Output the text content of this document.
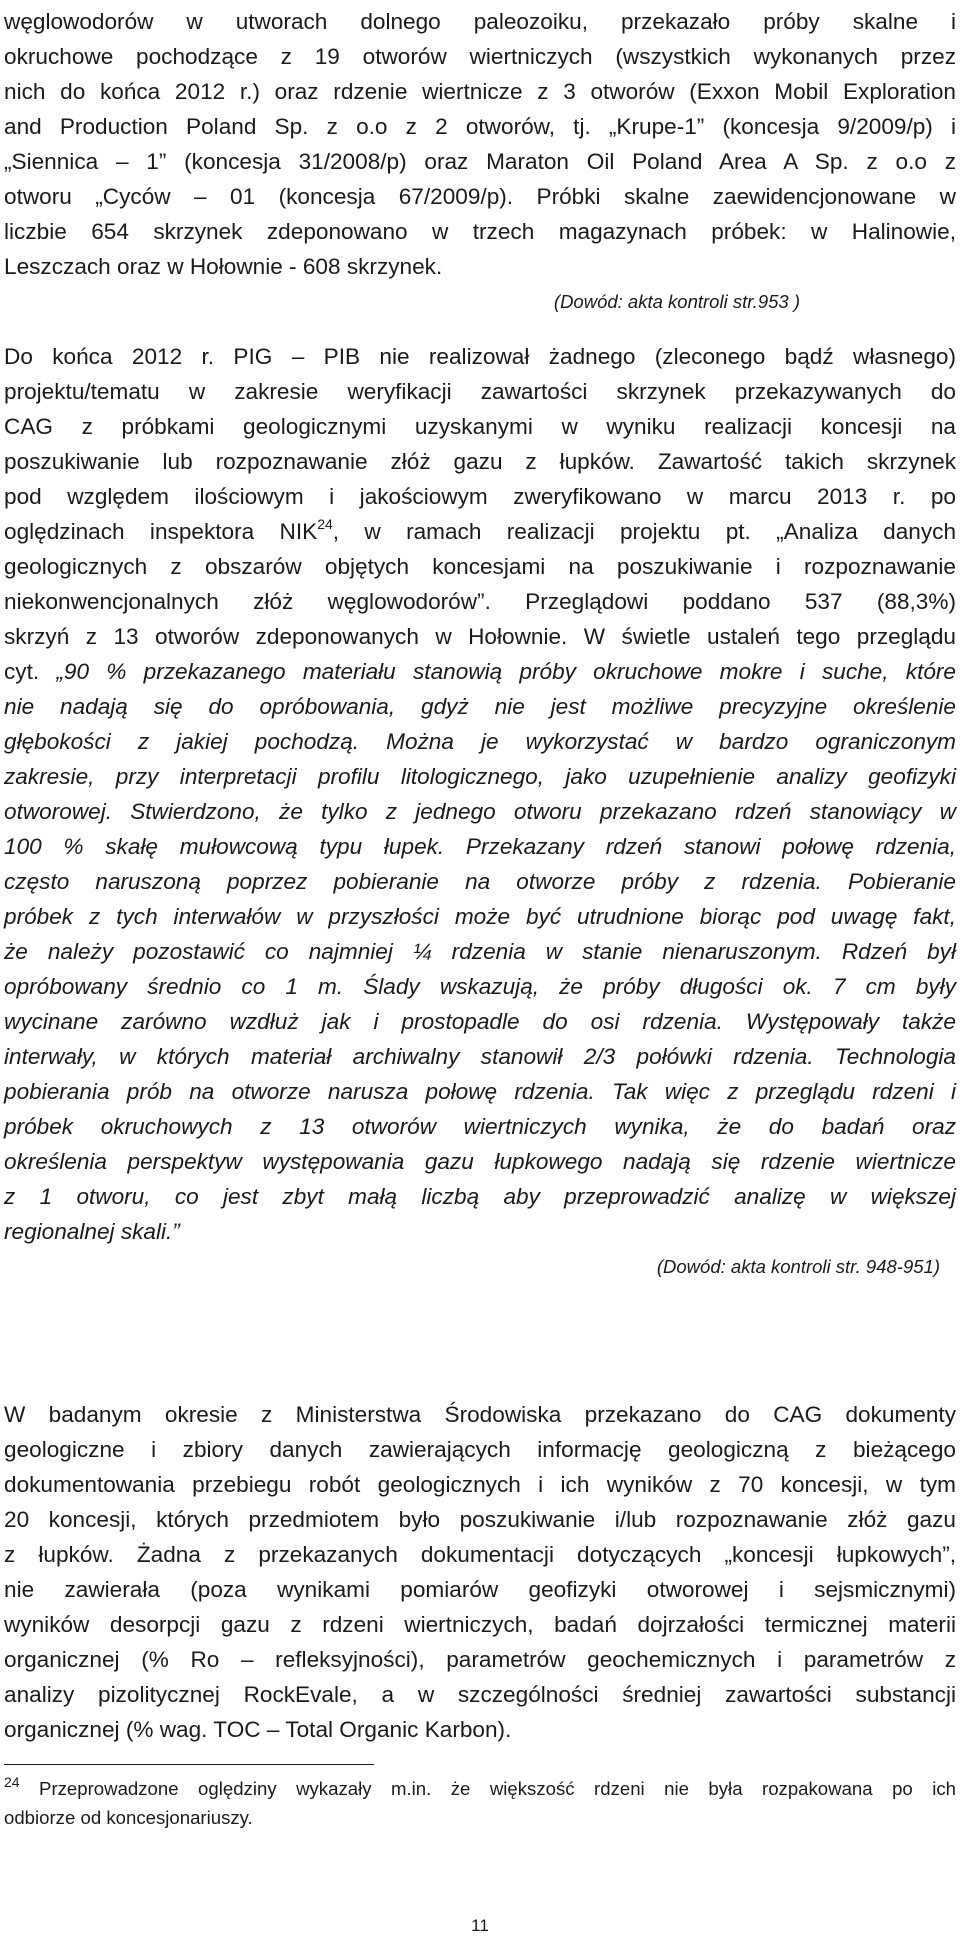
węglowodorów w utworach dolnego paleozoiku, przekazało próby skalne i
okruchowe pochodzące z 19 otworów wiertniczych (wszystkich wykonanych przez
nich do końca 2012 r.) oraz rdzenie wiertnicze z 3 otworów (Exxon Mobil Exploration
and Production Poland Sp. z o.o z 2 otworów, tj. „Krupe-1” (koncesja 9/2009/p) i
„Siennica – 1” (koncesja 31/2008/p) oraz Maraton Oil Poland Area A Sp. z o.o z
otworu „Cyców – 01 (koncesja 67/2009/p). Próbki skalne zaewidencjonowane w
liczbie 654 skrzynek zdeponowano w trzech magazynach próbek: w Halinowie,
Leszczach oraz w Hołownie - 608 skrzynek.
(Dowód: akta kontroli str.953 )
Do końca 2012 r. PIG – PIB nie realizował żadnego (zleconego bądź własnego)
projektu/tematu w zakresie weryfikacji zawartości skrzynek przekazywanych do
CAG z próbkami geologicznymi uzyskanymi w wyniku realizacji koncesji na
poszukiwanie lub rozpoznawanie złóż gazu z łupków. Zawartość takich skrzynek
pod względem ilościowym i jakościowym zweryfikowano w marcu 2013 r. po
oględzinach inspektora NIK$^{24}$, w ramach realizacji projektu pt. „Analiza danych
geologicznych z obszarów objętych koncesjami na poszukiwanie i rozpoznawanie
niekonwencjonalnych złóż węglowodorów”. Przeglądowi poddano 537 (88,3%)
skrzyń z 13 otworów zdeponowanych w Hołownie. W świetle ustaleń tego przeglądu
cyt. „90 % przekazanego materiału stanowią próby okruchowe mokre i suche, które
nie nadają się do opróbowania, gdyż nie jest możliwe precyzyjne określenie
głębokości z jakiej pochodzą. Można je wykorzystać w bardzo ograniczonym
zakresie, przy interpretacji profilu litologicznego, jako uzupełnienie analizy geofizyki
otworowej. Stwierdzono, że tylko z jednego otworu przekazano rdzeń stanowiący w
100 % skałę mułowcową typu łupek. Przekazany rdzeń stanowi połowę rdzenia,
często naruszoną poprzez pobieranie na otworze próby z rdzenia. Pobieranie
próbek z tych interwałów w przyszłości może być utrudnione biorąc pod uwagę fakt,
że należy pozostawić co najmniej ¼ rdzenia w stanie nienaruszonym. Rdzeń był
opróbowany średnio co 1 m. Ślady wskazują, że próby długości ok. 7 cm były
wycinane zarówno wzdłuż jak i prostopadle do osi rdzenia. Występowały także
interwały, w których materiał archiwalny stanowił 2/3 połówki rdzenia. Technologia
pobierania prób na otworze narusza połowę rdzenia. Tak więc z przeglądu rdzeni i
próbek okruchowych z 13 otworów wiertniczych wynika, że do badań oraz
określenia perspektyw występowania gazu łupkowego nadają się rdzenie wiertnicze
z 1 otworu, co jest zbyt małą liczbą aby przeprowadzić analizę w większej
regionalnej skali.”
(Dowód: akta kontroli str. 948-951)
W badanym okresie z Ministerstwa Środowiska przekazano do CAG dokumenty
geologiczne i zbiory danych zawierających informację geologiczną z bieżącego
dokumentowania przebiegu robót geologicznych i ich wyników z 70 koncesji, w tym
20 koncesji, których przedmiotem było poszukiwanie i/lub rozpoznawanie złóż gazu
z łupków. Żadna z przekazanych dokumentacji dotyczących „koncesji łupkowych”,
nie zawierała (poza wynikami pomiarów geofizyki otworowej i sejsmicznymi)
wyników desorpcji gazu z rdzeni wiertniczych, badań dojrzałości termicznej materii
organicznej (% Ro – refleksyjności), parametrów geochemicznych i parametrów z
analizy pizolitycznej RockEvale, a w szczególności średniej zawartości substancji
organicznej (% wag. TOC – Total Organic Karbon).
$^{24}$ Przeprowadzone oględziny wykazały m.in. że większość rdzeni nie była rozpakowana po ich
odbiorze od koncesjonariuszy.
11
